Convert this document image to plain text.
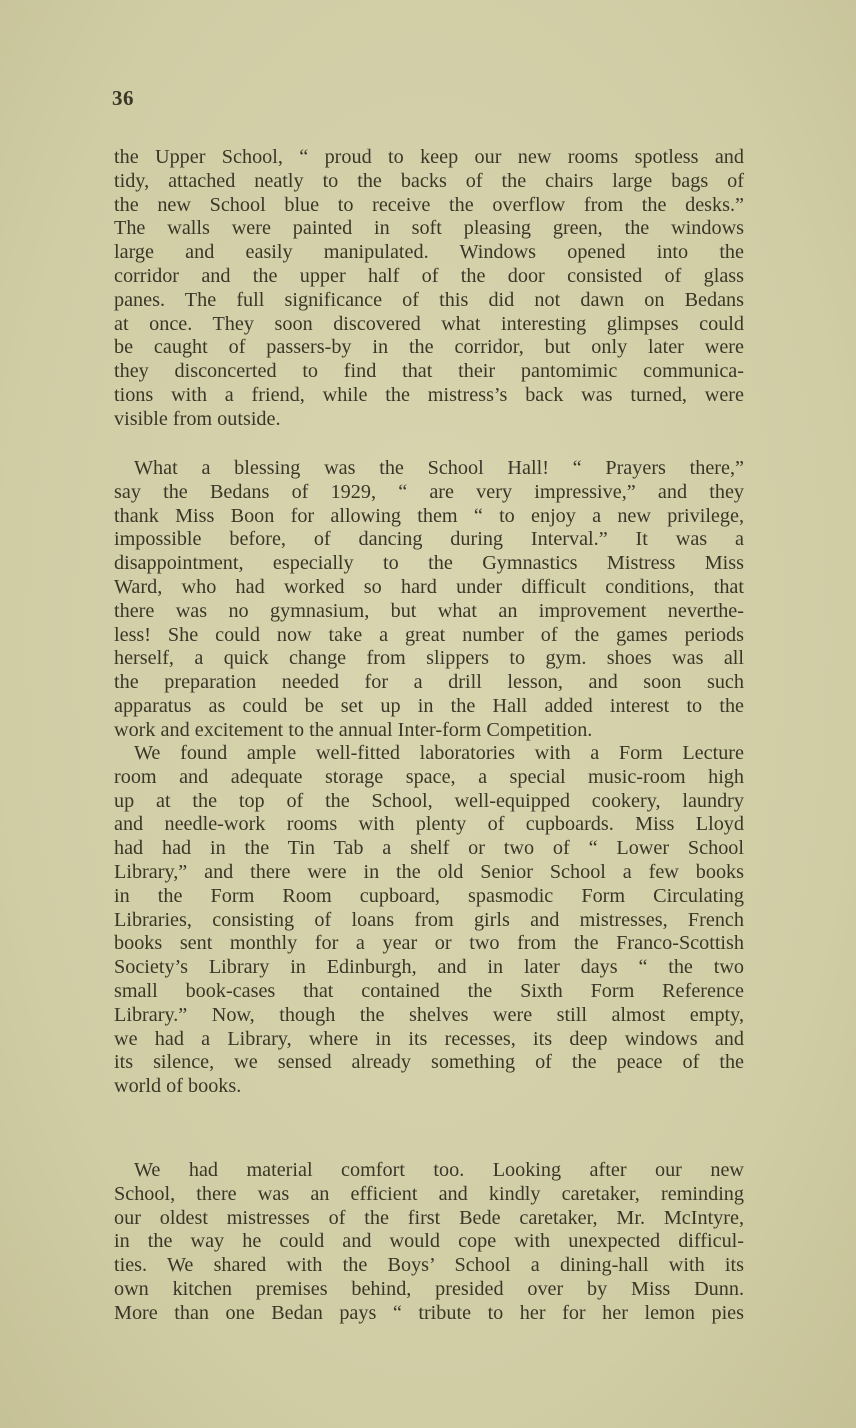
36
the Upper School, “ proud to keep our new rooms spotless and
tidy, attached neatly to the backs of the chairs large bags of
the new School blue to receive the overflow from the desks.”
The walls were painted in soft pleasing green, the windows
large and easily manipulated. Windows opened into the
corridor and the upper half of the door consisted of glass
panes. The full significance of this did not dawn on Bedans
at once. They soon discovered what interesting glimpses could
be caught of passers-by in the corridor, but only later were
they disconcerted to find that their pantomimic communica-
tions with a friend, while the mistress’s back was turned, were
visible from outside.
What a blessing was the School Hall! “ Prayers there,”
say the Bedans of 1929, “ are very impressive,” and they
thank Miss Boon for allowing them “ to enjoy a new privilege,
impossible before, of dancing during Interval.” It was a
disappointment, especially to the Gymnastics Mistress Miss
Ward, who had worked so hard under difficult conditions, that
there was no gymnasium, but what an improvement neverthe-
less! She could now take a great number of the games periods
herself, a quick change from slippers to gym. shoes was all
the preparation needed for a drill lesson, and soon such
apparatus as could be set up in the Hall added interest to the
work and excitement to the annual Inter-form Competition.
We found ample well-fitted laboratories with a Form Lecture
room and adequate storage space, a special music-room high
up at the top of the School, well-equipped cookery, laundry
and needle-work rooms with plenty of cupboards. Miss Lloyd
had had in the Tin Tab a shelf or two of “ Lower School
Library,” and there were in the old Senior School a few books
in the Form Room cupboard, spasmodic Form Circulating
Libraries, consisting of loans from girls and mistresses, French
books sent monthly for a year or two from the Franco-Scottish
Society’s Library in Edinburgh, and in later days “ the two
small book-cases that contained the Sixth Form Reference
Library.” Now, though the shelves were still almost empty,
we had a Library, where in its recesses, its deep windows and
its silence, we sensed already something of the peace of the
world of books.
We had material comfort too. Looking after our new
School, there was an efficient and kindly caretaker, reminding
our oldest mistresses of the first Bede caretaker, Mr. McIntyre,
in the way he could and would cope with unexpected difficul-
ties. We shared with the Boys’ School a dining-hall with its
own kitchen premises behind, presided over by Miss Dunn.
More than one Bedan pays “ tribute to her for her lemon pies
